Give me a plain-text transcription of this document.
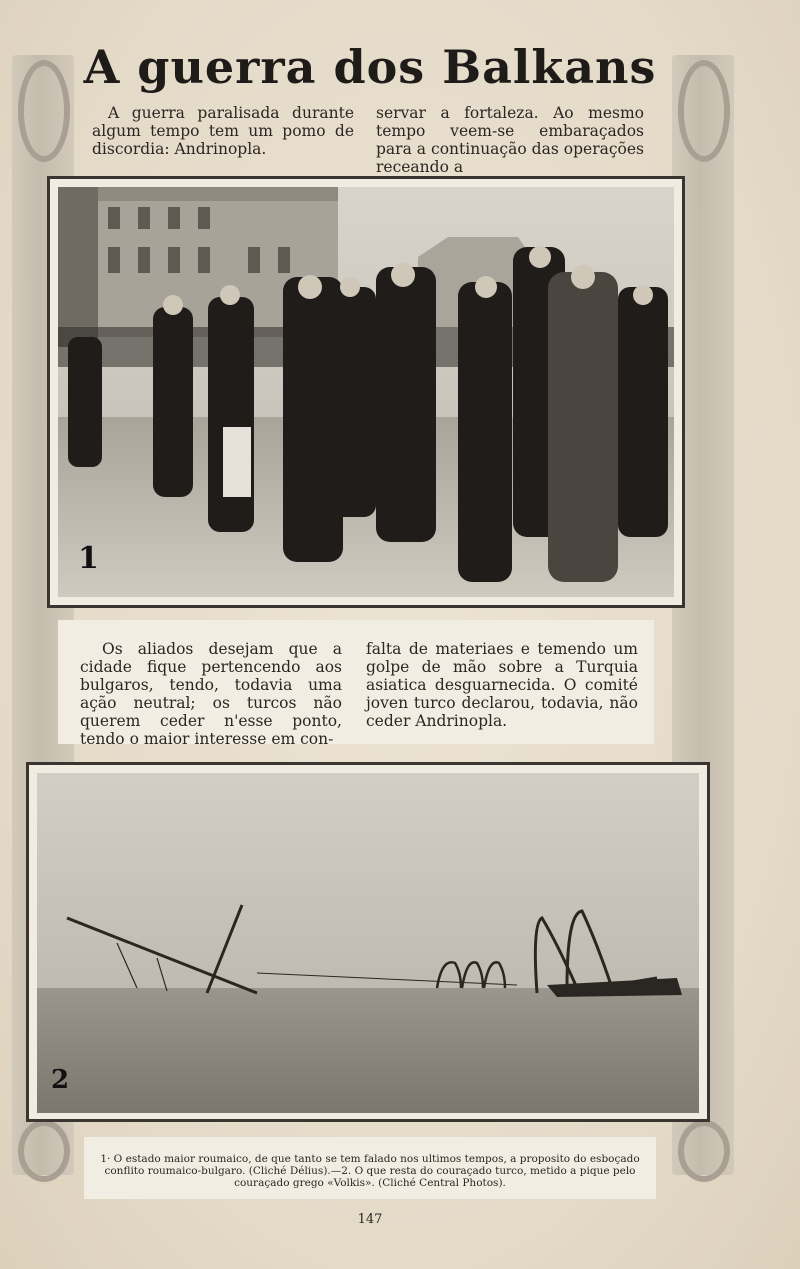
A guerra dos Balkans
A guerra paralisada durante algum tempo tem um pomo de discordia: Andrinopla.
servar a fortaleza. Ao mesmo tempo veem-se embaraçados para a continuação das operações receando a
1
Os aliados desejam que a cidade fique pertencendo aos bulgaros, tendo, todavia uma ação neutral; os turcos não querem ceder n'esse ponto, tendo o maior interesse em con-
falta de materiaes e temendo um golpe de mão sobre a Turquia asiatica desguarnecida. O comité joven turco declarou, todavia, não ceder Andrinopla.
2
1· O estado maior roumaico, de que tanto se tem falado nos ultimos tempos, a proposito do esboçado conflito roumaico-bulgaro. (Cliché Délius).—2. O que resta do couraçado turco, metido a pique pelo couraçado grego «Volkis». (Cliché Central Photos).
147
